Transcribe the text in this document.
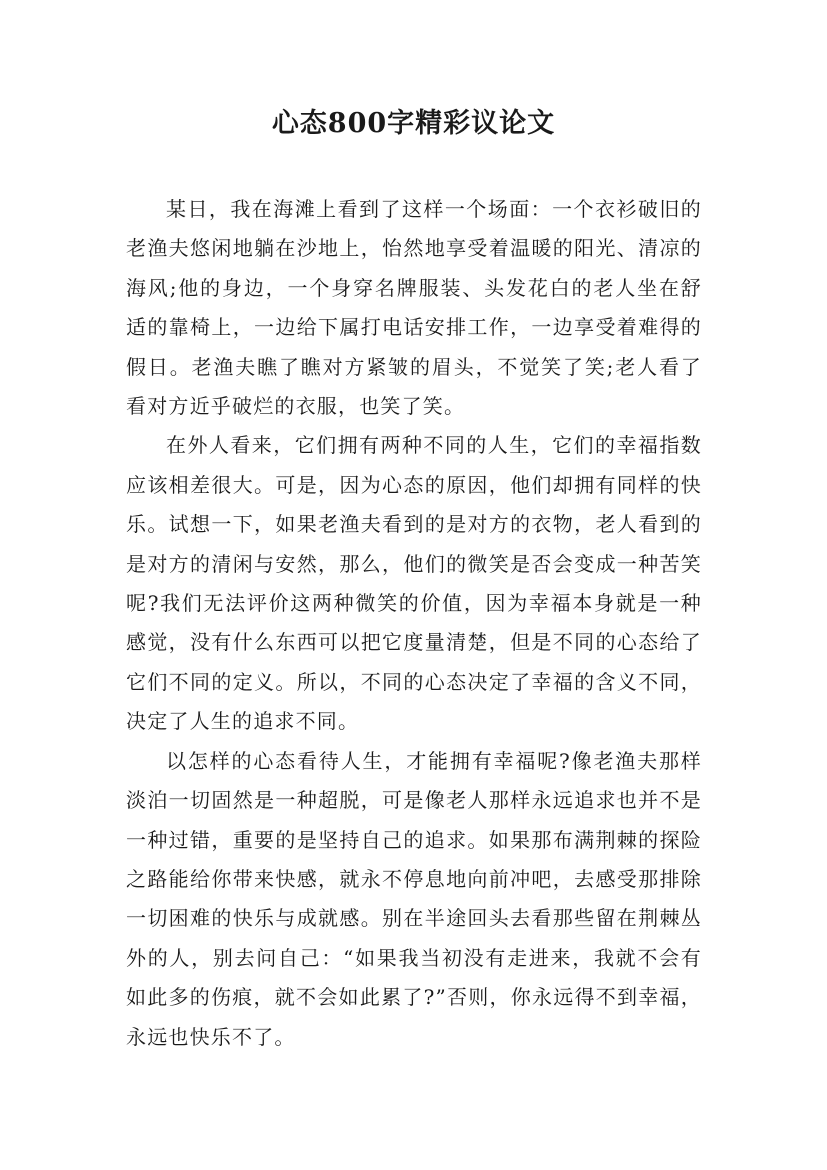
心态800字精彩议论文

某日，我在海滩上看到了这样一个场面：一个衣衫破旧的老渔夫悠闲地躺在沙地上，怡然地享受着温暖的阳光、清凉的海风;他的身边，一个身穿名牌服装、头发花白的老人坐在舒适的靠椅上，一边给下属打电话安排工作，一边享受着难得的假日。老渔夫瞧了瞧对方紧皱的眉头，不觉笑了笑;老人看了看对方近乎破烂的衣服，也笑了笑。

在外人看来，它们拥有两种不同的人生，它们的幸福指数应该相差很大。可是，因为心态的原因，他们却拥有同样的快乐。试想一下，如果老渔夫看到的是对方的衣物，老人看到的是对方的清闲与安然，那么，他们的微笑是否会变成一种苦笑呢?我们无法评价这两种微笑的价值，因为幸福本身就是一种感觉，没有什么东西可以把它度量清楚，但是不同的心态给了它们不同的定义。所以，不同的心态决定了幸福的含义不同，决定了人生的追求不同。

以怎样的心态看待人生，才能拥有幸福呢?像老渔夫那样淡泊一切固然是一种超脱，可是像老人那样永远追求也并不是一种过错，重要的是坚持自己的追求。如果那布满荆棘的探险之路能给你带来快感，就永不停息地向前冲吧，去感受那排除一切困难的快乐与成就感。别在半途回头去看那些留在荆棘丛外的人，别去问自己：“如果我当初没有走进来，我就不会有如此多的伤痕，就不会如此累了?”否则，你永远得不到幸福，永远也快乐不了。
